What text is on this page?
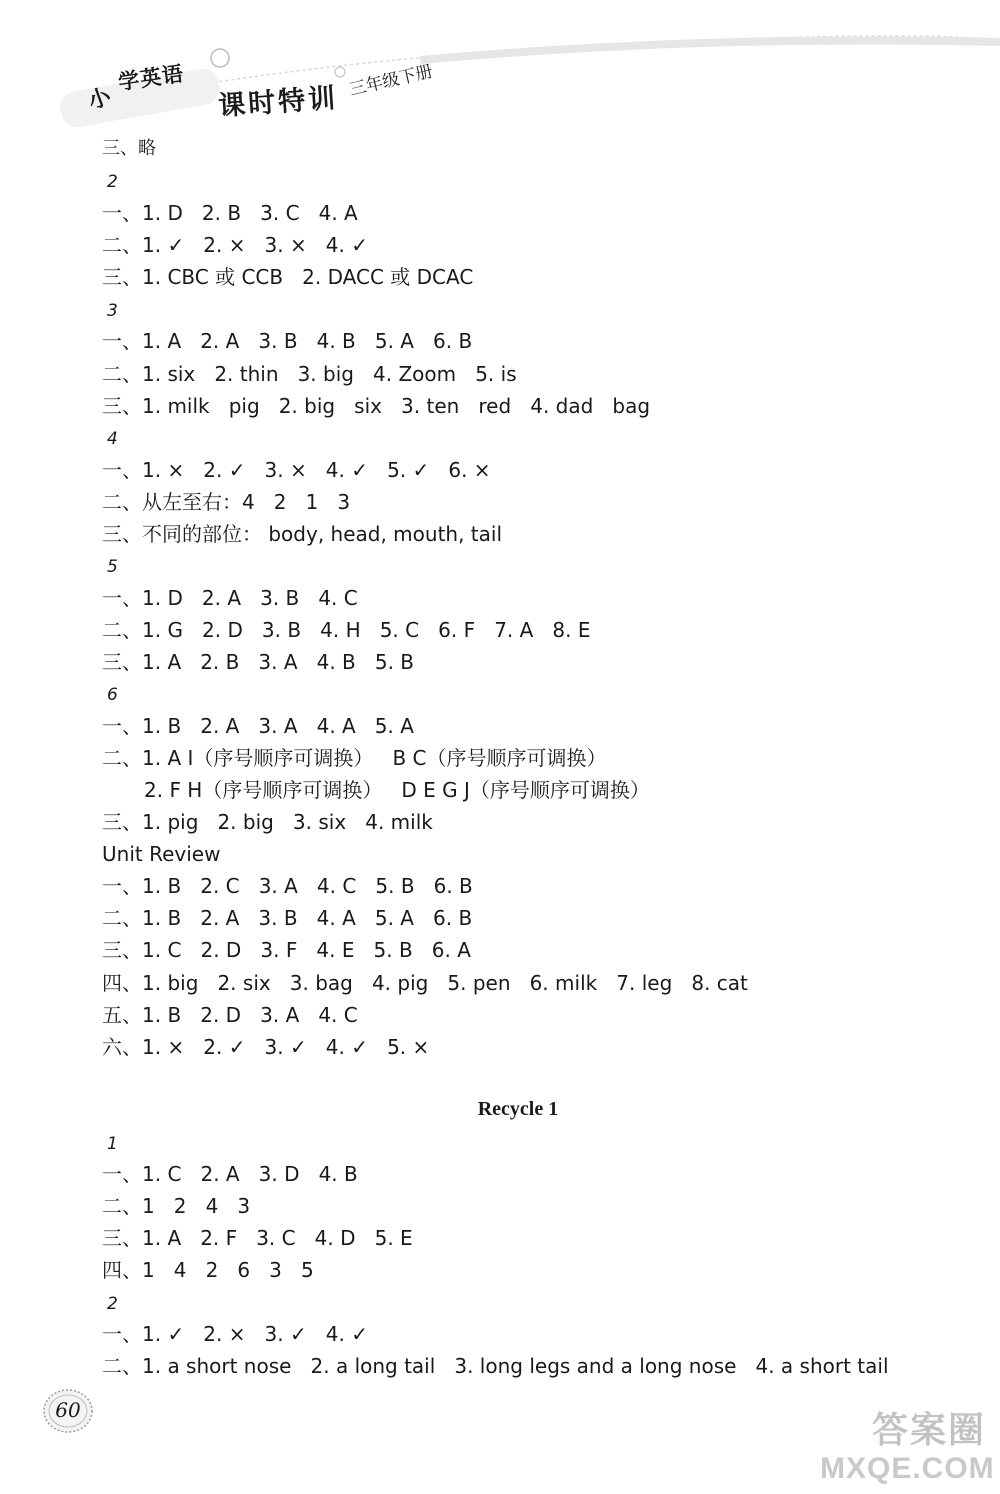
小
学英语
课时特训
三年级下册
三、略
2
一、1. D   2. B   3. C   4. A
二、1. ✓   2. ×   3. ×   4. ✓
三、1. CBC 或 CCB   2. DACC 或 DCAC
3
一、1. A   2. A   3. B   4. B   5. A   6. B
二、1. six   2. thin   3. big   4. Zoom   5. is
三、1. milk   pig   2. big   six   3. ten   red   4. dad   bag
4
一、1. ×   2. ✓   3. ×   4. ✓   5. ✓   6. ×
二、从左至右：4   2   1   3
三、不同的部位： body, head, mouth, tail
5
一、1. D   2. A   3. B   4. C
二、1. G   2. D   3. B   4. H   5. C   6. F   7. A   8. E
三、1. A   2. B   3. A   4. B   5. B
6
一、1. B   2. A   3. A   4. A   5. A
二、1. A I（序号顺序可调换）   B C（序号顺序可调换）
2. F H（序号顺序可调换）   D E G J（序号顺序可调换）
三、1. pig   2. big   3. six   4. milk
Unit Review
一、1. B   2. C   3. A   4. C   5. B   6. B
二、1. B   2. A   3. B   4. A   5. A   6. B
三、1. C   2. D   3. F   4. E   5. B   6. A
四、1. big   2. six   3. bag   4. pig   5. pen   6. milk   7. leg   8. cat
五、1. B   2. D   3. A   4. C
六、1. ×   2. ✓   3. ✓   4. ✓   5. ×
Recycle 1
1
一、1. C   2. A   3. D   4. B
二、1   2   4   3
三、1. A   2. F   3. C   4. D   5. E
四、1   4   2   6   3   5
2
一、1. ✓   2. ×   3. ✓   4. ✓
二、1. a short nose   2. a long tail   3. long legs and a long nose   4. a short tail
60	答案圈
MXQE.COM
